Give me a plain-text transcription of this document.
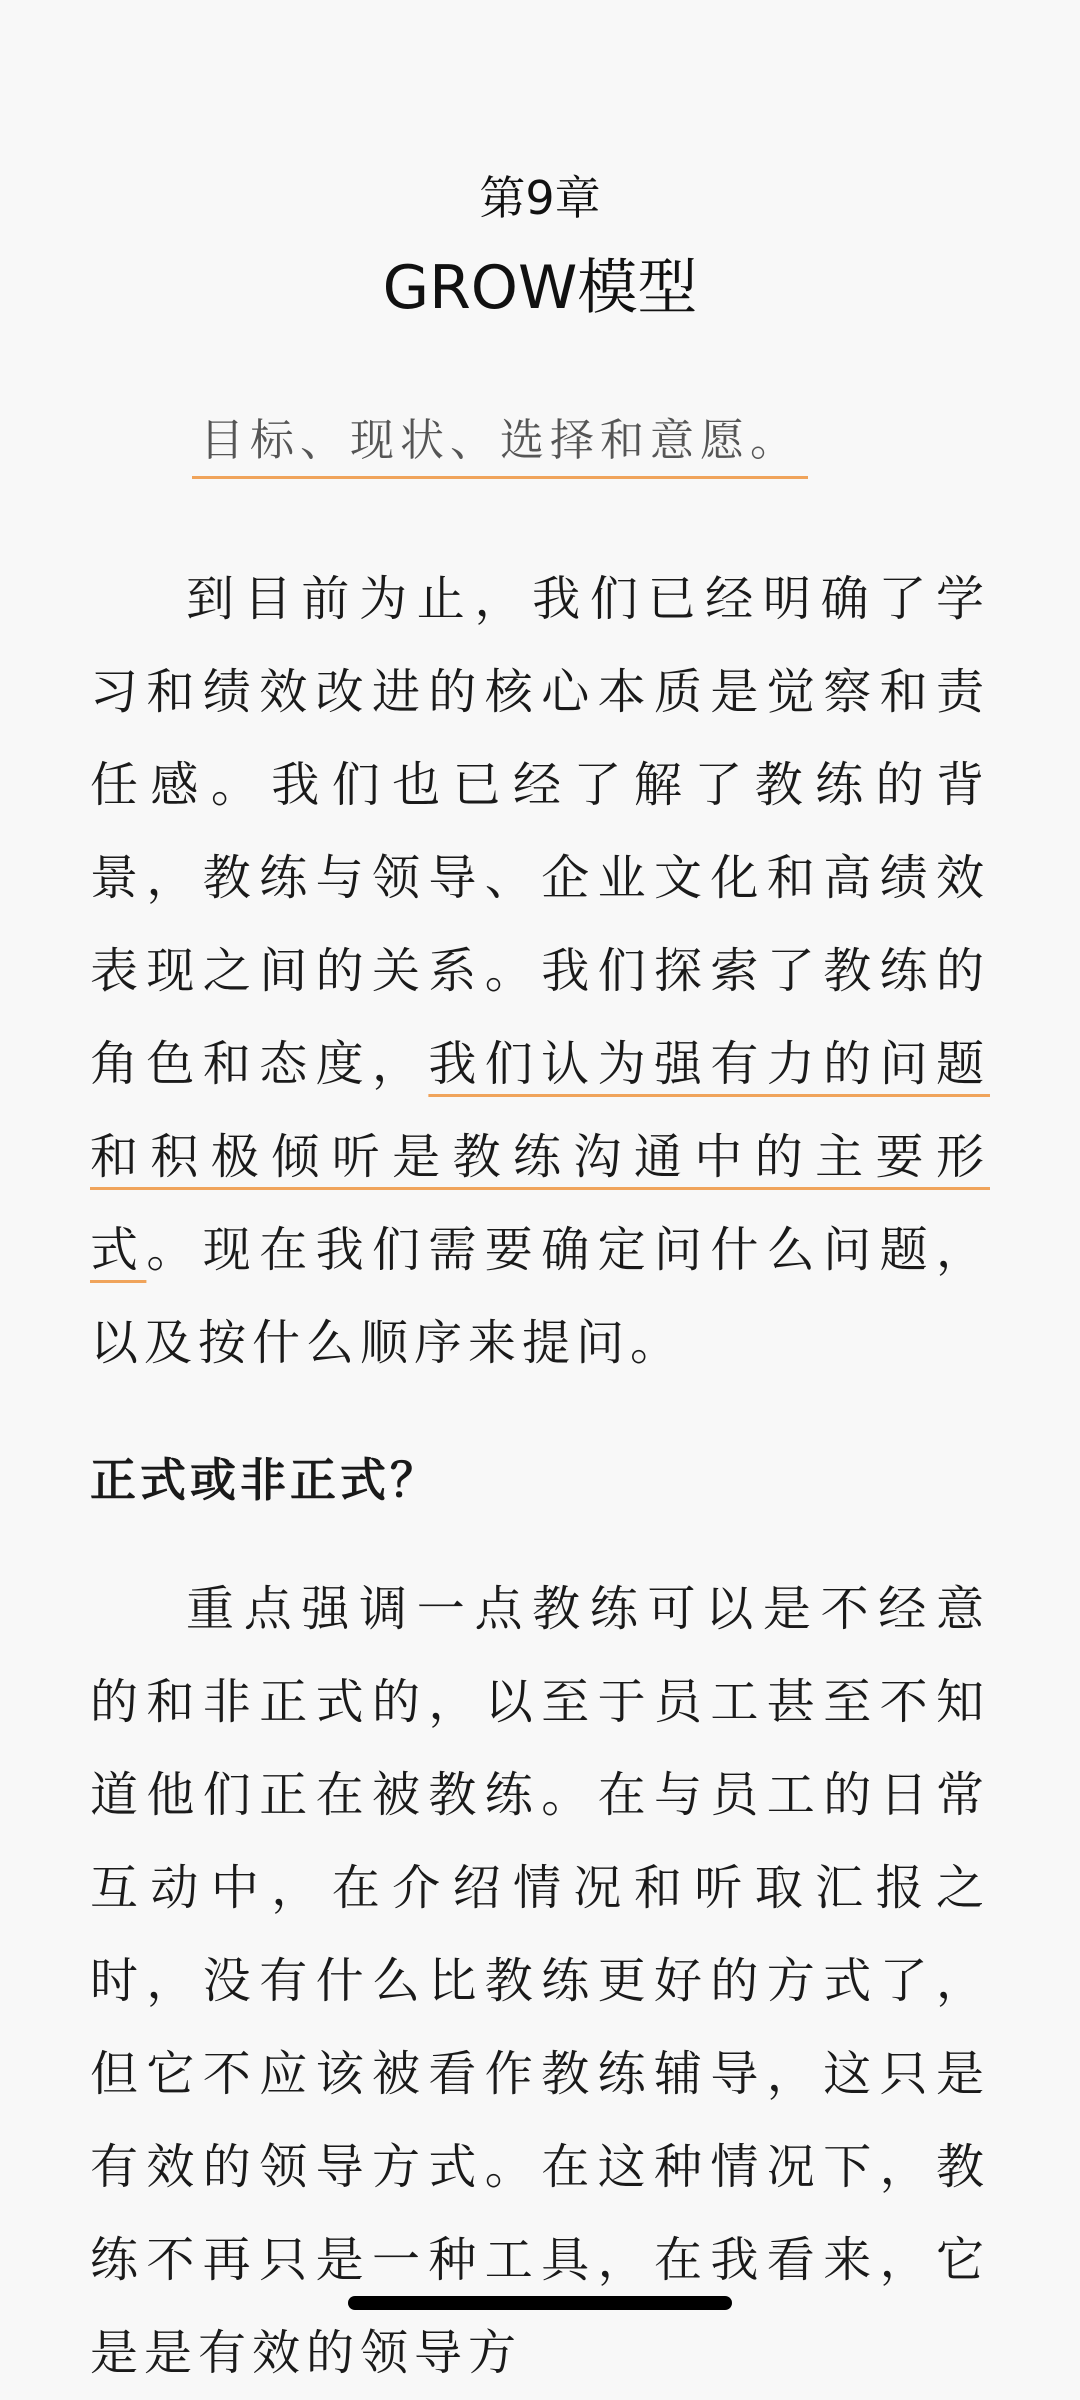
第9章
GROW模型
目标、现状、选择和意愿。

到目前为止，我们已经明确了学习和绩效改进的核心本质是觉察和责任感。我们也已经了解了教练的背景，教练与领导、企业文化和高绩效表现之间的关系。我们探索了教练的角色和态度，我们认为强有力的问题和积极倾听是教练沟通中的主要形式。现在我们需要确定问什么问题，以及按什么顺序来提问。

正式或非正式？

重点强调一点教练可以是不经意的和非正式的，以至于员工甚至不知道他们正在被教练。在与员工的日常互动中，在介绍情况和听取汇报之时，没有什么比教练更好的方式了，但它不应该被看作教练辅导，这只是有效的领导方式。在这种情况下，教练不再只是一种工具，在我看来，它是是有效的领导方
